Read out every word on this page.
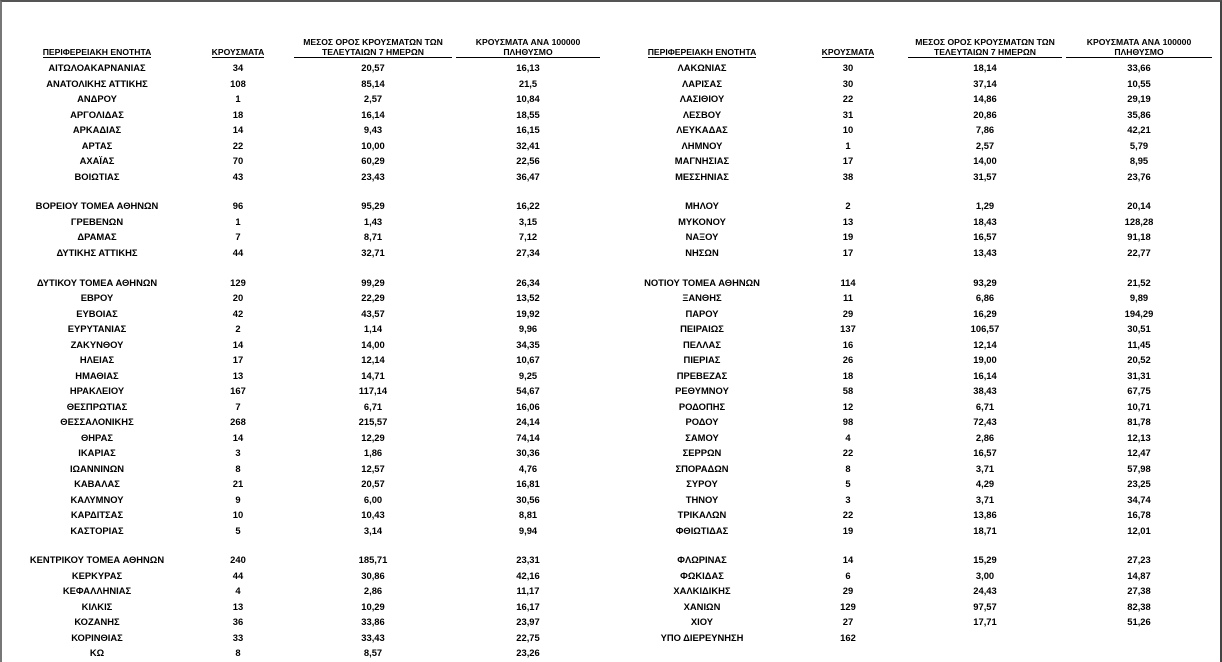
ΠΕΡΙΦΕΡΕΙΑΚΗ ΕΝΟΤΗΤΑ	ΚΡΟΥΣΜΑΤΑ	ΜΕΣΟΣ ΟΡΟΣ ΚΡΟΥΣΜΑΤΩΝ ΤΩΝ ΤΕΛΕΥΤΑΙΩΝ 7 ΗΜΕΡΩΝ	ΚΡΟΥΣΜΑΤΑ ΑΝΑ 100000 ΠΛΗΘΥΣΜΟ
ΑΙΤΩΛΟΑΚΑΡΝΑΝΙΑΣ	34	20,57	16,13
ΑΝΑΤΟΛΙΚΗΣ ΑΤΤΙΚΗΣ	108	85,14	21,5
ΑΝΔΡΟΥ	1	2,57	10,84
ΑΡΓΟΛΙΔΑΣ	18	16,14	18,55
ΑΡΚΑΔΙΑΣ	14	9,43	16,15
ΑΡΤΑΣ	22	10,00	32,41
ΑΧΑΪΑΣ	70	60,29	22,56
ΒΟΙΩΤΙΑΣ	43	23,43	36,47

ΒΟΡΕΙΟΥ ΤΟΜΕΑ ΑΘΗΝΩΝ	96	95,29	16,22
ΓΡΕΒΕΝΩΝ	1	1,43	3,15
ΔΡΑΜΑΣ	7	8,71	7,12
ΔΥΤΙΚΗΣ ΑΤΤΙΚΗΣ	44	32,71	27,34

ΔΥΤΙΚΟΥ ΤΟΜΕΑ ΑΘΗΝΩΝ	129	99,29	26,34
ΕΒΡΟΥ	20	22,29	13,52
ΕΥΒΟΙΑΣ	42	43,57	19,92
ΕΥΡΥΤΑΝΙΑΣ	2	1,14	9,96
ΖΑΚΥΝΘΟΥ	14	14,00	34,35
ΗΛΕΙΑΣ	17	12,14	10,67
ΗΜΑΘΙΑΣ	13	14,71	9,25
ΗΡΑΚΛΕΙΟΥ	167	117,14	54,67
ΘΕΣΠΡΩΤΙΑΣ	7	6,71	16,06
ΘΕΣΣΑΛΟΝΙΚΗΣ	268	215,57	24,14
ΘΗΡΑΣ	14	12,29	74,14
ΙΚΑΡΙΑΣ	3	1,86	30,36
ΙΩΑΝΝΙΝΩΝ	8	12,57	4,76
ΚΑΒΑΛΑΣ	21	20,57	16,81
ΚΑΛΥΜΝΟΥ	9	6,00	30,56
ΚΑΡΔΙΤΣΑΣ	10	10,43	8,81
ΚΑΣΤΟΡΙΑΣ	5	3,14	9,94

ΚΕΝΤΡΙΚΟΥ ΤΟΜΕΑ ΑΘΗΝΩΝ	240	185,71	23,31
ΚΕΡΚΥΡΑΣ	44	30,86	42,16
ΚΕΦΑΛΛΗΝΙΑΣ	4	2,86	11,17
ΚΙΛΚΙΣ	13	10,29	16,17
ΚΟΖΑΝΗΣ	36	33,86	23,97
ΚΟΡΙΝΘΙΑΣ	33	33,43	22,75
ΚΩ	8	8,57	23,26
ΠΕΡΙΦΕΡΕΙΑΚΗ ΕΝΟΤΗΤΑ	ΚΡΟΥΣΜΑΤΑ	ΜΕΣΟΣ ΟΡΟΣ ΚΡΟΥΣΜΑΤΩΝ ΤΩΝ ΤΕΛΕΥΤΑΙΩΝ 7 ΗΜΕΡΩΝ	ΚΡΟΥΣΜΑΤΑ ΑΝΑ 100000 ΠΛΗΘΥΣΜΟ
ΛΑΚΩΝΙΑΣ	30	18,14	33,66
ΛΑΡΙΣΑΣ	30	37,14	10,55
ΛΑΣΙΘΙΟΥ	22	14,86	29,19
ΛΕΣΒΟΥ	31	20,86	35,86
ΛΕΥΚΑΔΑΣ	10	7,86	42,21
ΛΗΜΝΟΥ	1	2,57	5,79
ΜΑΓΝΗΣΙΑΣ	17	14,00	8,95
ΜΕΣΣΗΝΙΑΣ	38	31,57	23,76

ΜΗΛΟΥ	2	1,29	20,14
ΜΥΚΟΝΟΥ	13	18,43	128,28
ΝΑΞΟΥ	19	16,57	91,18
ΝΗΣΩΝ	17	13,43	22,77

ΝΟΤΙΟΥ ΤΟΜΕΑ ΑΘΗΝΩΝ	114	93,29	21,52
ΞΑΝΘΗΣ	11	6,86	9,89
ΠΑΡΟΥ	29	16,29	194,29
ΠΕΙΡΑΙΩΣ	137	106,57	30,51
ΠΕΛΛΑΣ	16	12,14	11,45
ΠΙΕΡΙΑΣ	26	19,00	20,52
ΠΡΕΒΕΖΑΣ	18	16,14	31,31
ΡΕΘΥΜΝΟΥ	58	38,43	67,75
ΡΟΔΟΠΗΣ	12	6,71	10,71
ΡΟΔΟΥ	98	72,43	81,78
ΣΑΜΟΥ	4	2,86	12,13
ΣΕΡΡΩΝ	22	16,57	12,47
ΣΠΟΡΑΔΩΝ	8	3,71	57,98
ΣΥΡΟΥ	5	4,29	23,25
ΤΗΝΟΥ	3	3,71	34,74
ΤΡΙΚΑΛΩΝ	22	13,86	16,78
ΦΘΙΩΤΙΔΑΣ	19	18,71	12,01

ΦΛΩΡΙΝΑΣ	14	15,29	27,23
ΦΩΚΙΔΑΣ	6	3,00	14,87
ΧΑΛΚΙΔΙΚΗΣ	29	24,43	27,38
ΧΑΝΙΩΝ	129	97,57	82,38
ΧΙΟΥ	27	17,71	51,26
ΥΠΟ ΔΙΕΡΕΥΝΗΣΗ	162		
